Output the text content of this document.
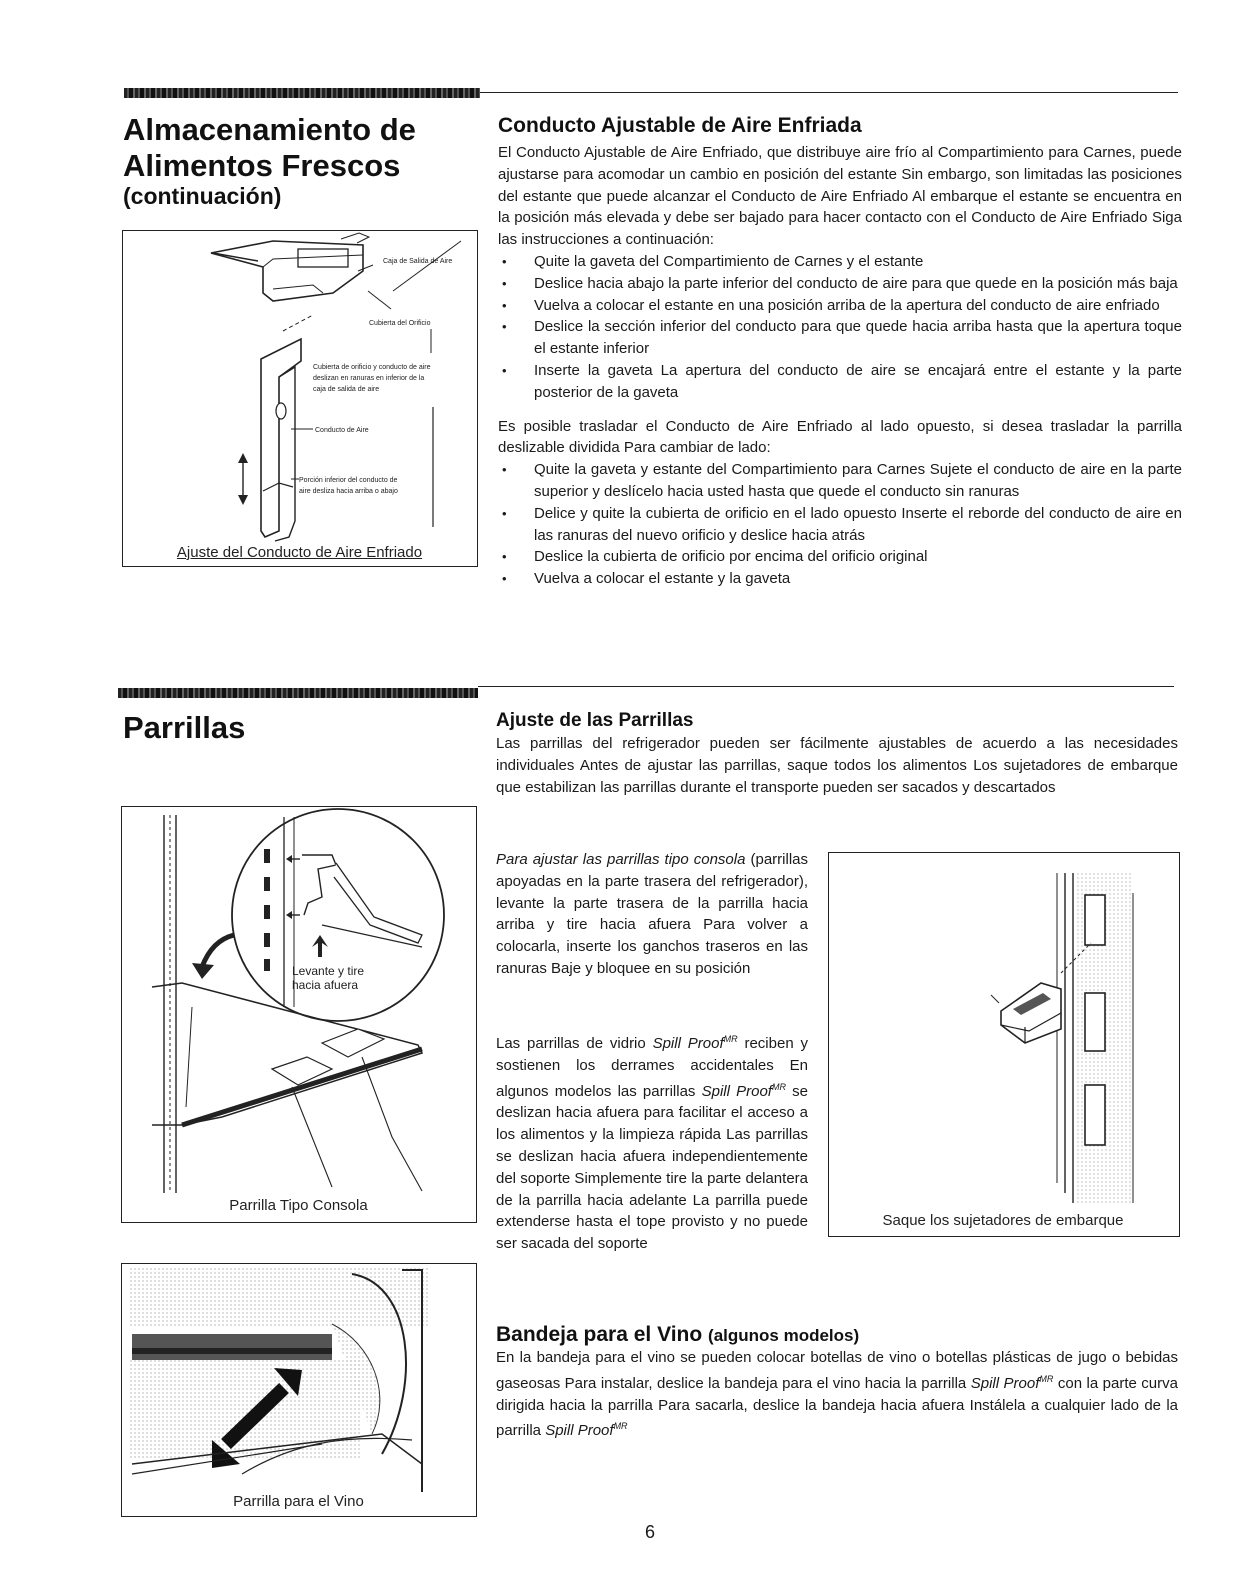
Almacenamiento de
Alimentos Frescos
(continuación)
Caja de Salida de Aire
Cubierta del Orificio
Cubierta de orificio y conducto de aire
deslizan en ranuras en inferior de la
caja de salida de aire
Conducto de Aire
Porción inferior del conducto de
aire desliza hacia arriba o abajo
Ajuste del Conducto de Aire Enfriado
Conducto Ajustable de Aire Enfriada

El Conducto Ajustable de Aire Enfriado, que distribuye aire frío al Compartimiento para Carnes, puede ajustarse para acomodar un cambio en posición del estante Sin embargo, son limitadas las posiciones del estante que puede alcanzar el Conducto de Aire Enfriado Al embarque el estante se encuentra en la posición más elevada y debe ser bajado para hacer contacto con el Conducto de Aire Enfriado Siga las instrucciones a continuación:

• Quite la gaveta del Compartimiento de Carnes y el estante
• Deslice hacia abajo la parte inferior del conducto de aire para que quede en la posición más baja
• Vuelva a colocar el estante en una posición arriba de la apertura del conducto de aire enfriado
• Deslice la sección inferior del conducto para que quede hacia arriba hasta que la apertura toque el estante inferior
• Inserte la gaveta La apertura del conducto de aire se encajará entre el estante y la parte posterior de la gaveta

Es posible trasladar el Conducto de Aire Enfriado al lado opuesto, si desea trasladar la parrilla deslizable dividida Para cambiar de lado:

• Quite la gaveta y estante del Compartimiento para Carnes Sujete el conducto de aire en la parte superior y deslícelo hacia usted hasta que quede el conducto sin ranuras
• Delice y quite la cubierta de orificio en el lado opuesto Inserte el reborde del conducto de aire en las ranuras del nuevo orificio y deslice hacia atrás
• Deslice la cubierta de orificio por encima del orificio original
• Vuelva a colocar el estante y la gaveta
Parrillas
Levante y tire
hacia afuera
Parrilla Tipo Consola
Parrilla para el Vino
Ajuste de las Parrillas

Las parrillas del refrigerador pueden ser fácilmente ajustables de acuerdo a las necesidades individuales Antes de ajustar las parrillas, saque todos los alimentos Los sujetadores de embarque que estabilizan las parrillas durante el transporte pueden ser sacados y descartados

Para ajustar las parrillas tipo consola (parrillas apoyadas en la parte trasera del refrigerador), levante la parte trasera de la parrilla hacia arriba y tire hacia afuera Para volver a colocarla, inserte los ganchos traseros en las ranuras Baje y bloquee en su posición
Las parrillas de vidrio Spill Proof$^{MR}$ reciben y sostienen los derrames accidentales En algunos modelos las parrillas Spill Proof$^{MR}$ se deslizan hacia afuera para facilitar el acceso a los alimentos y la limpieza rápida Las parrillas se deslizan hacia afuera independientemente del soporte Simplemente tire la parte delantera de la parrilla hacia adelante La parrilla puede extenderse hasta el tope provisto y no puede ser sacada del soporte
Saque los sujetadores de embarque
Bandeja para el Vino (algunos modelos)
En la bandeja para el vino se pueden colocar botellas de vino o botellas plásticas de jugo o bebidas gaseosas Para instalar, deslice la bandeja para el vino hacia la parrilla Spill Proof$^{MR}$ con la parte curva dirigida hacia la parrilla Para sacarla, deslice la bandeja hacia afuera Instálela a cualquier lado de la parrilla Spill Proof$^{MR}$
6
